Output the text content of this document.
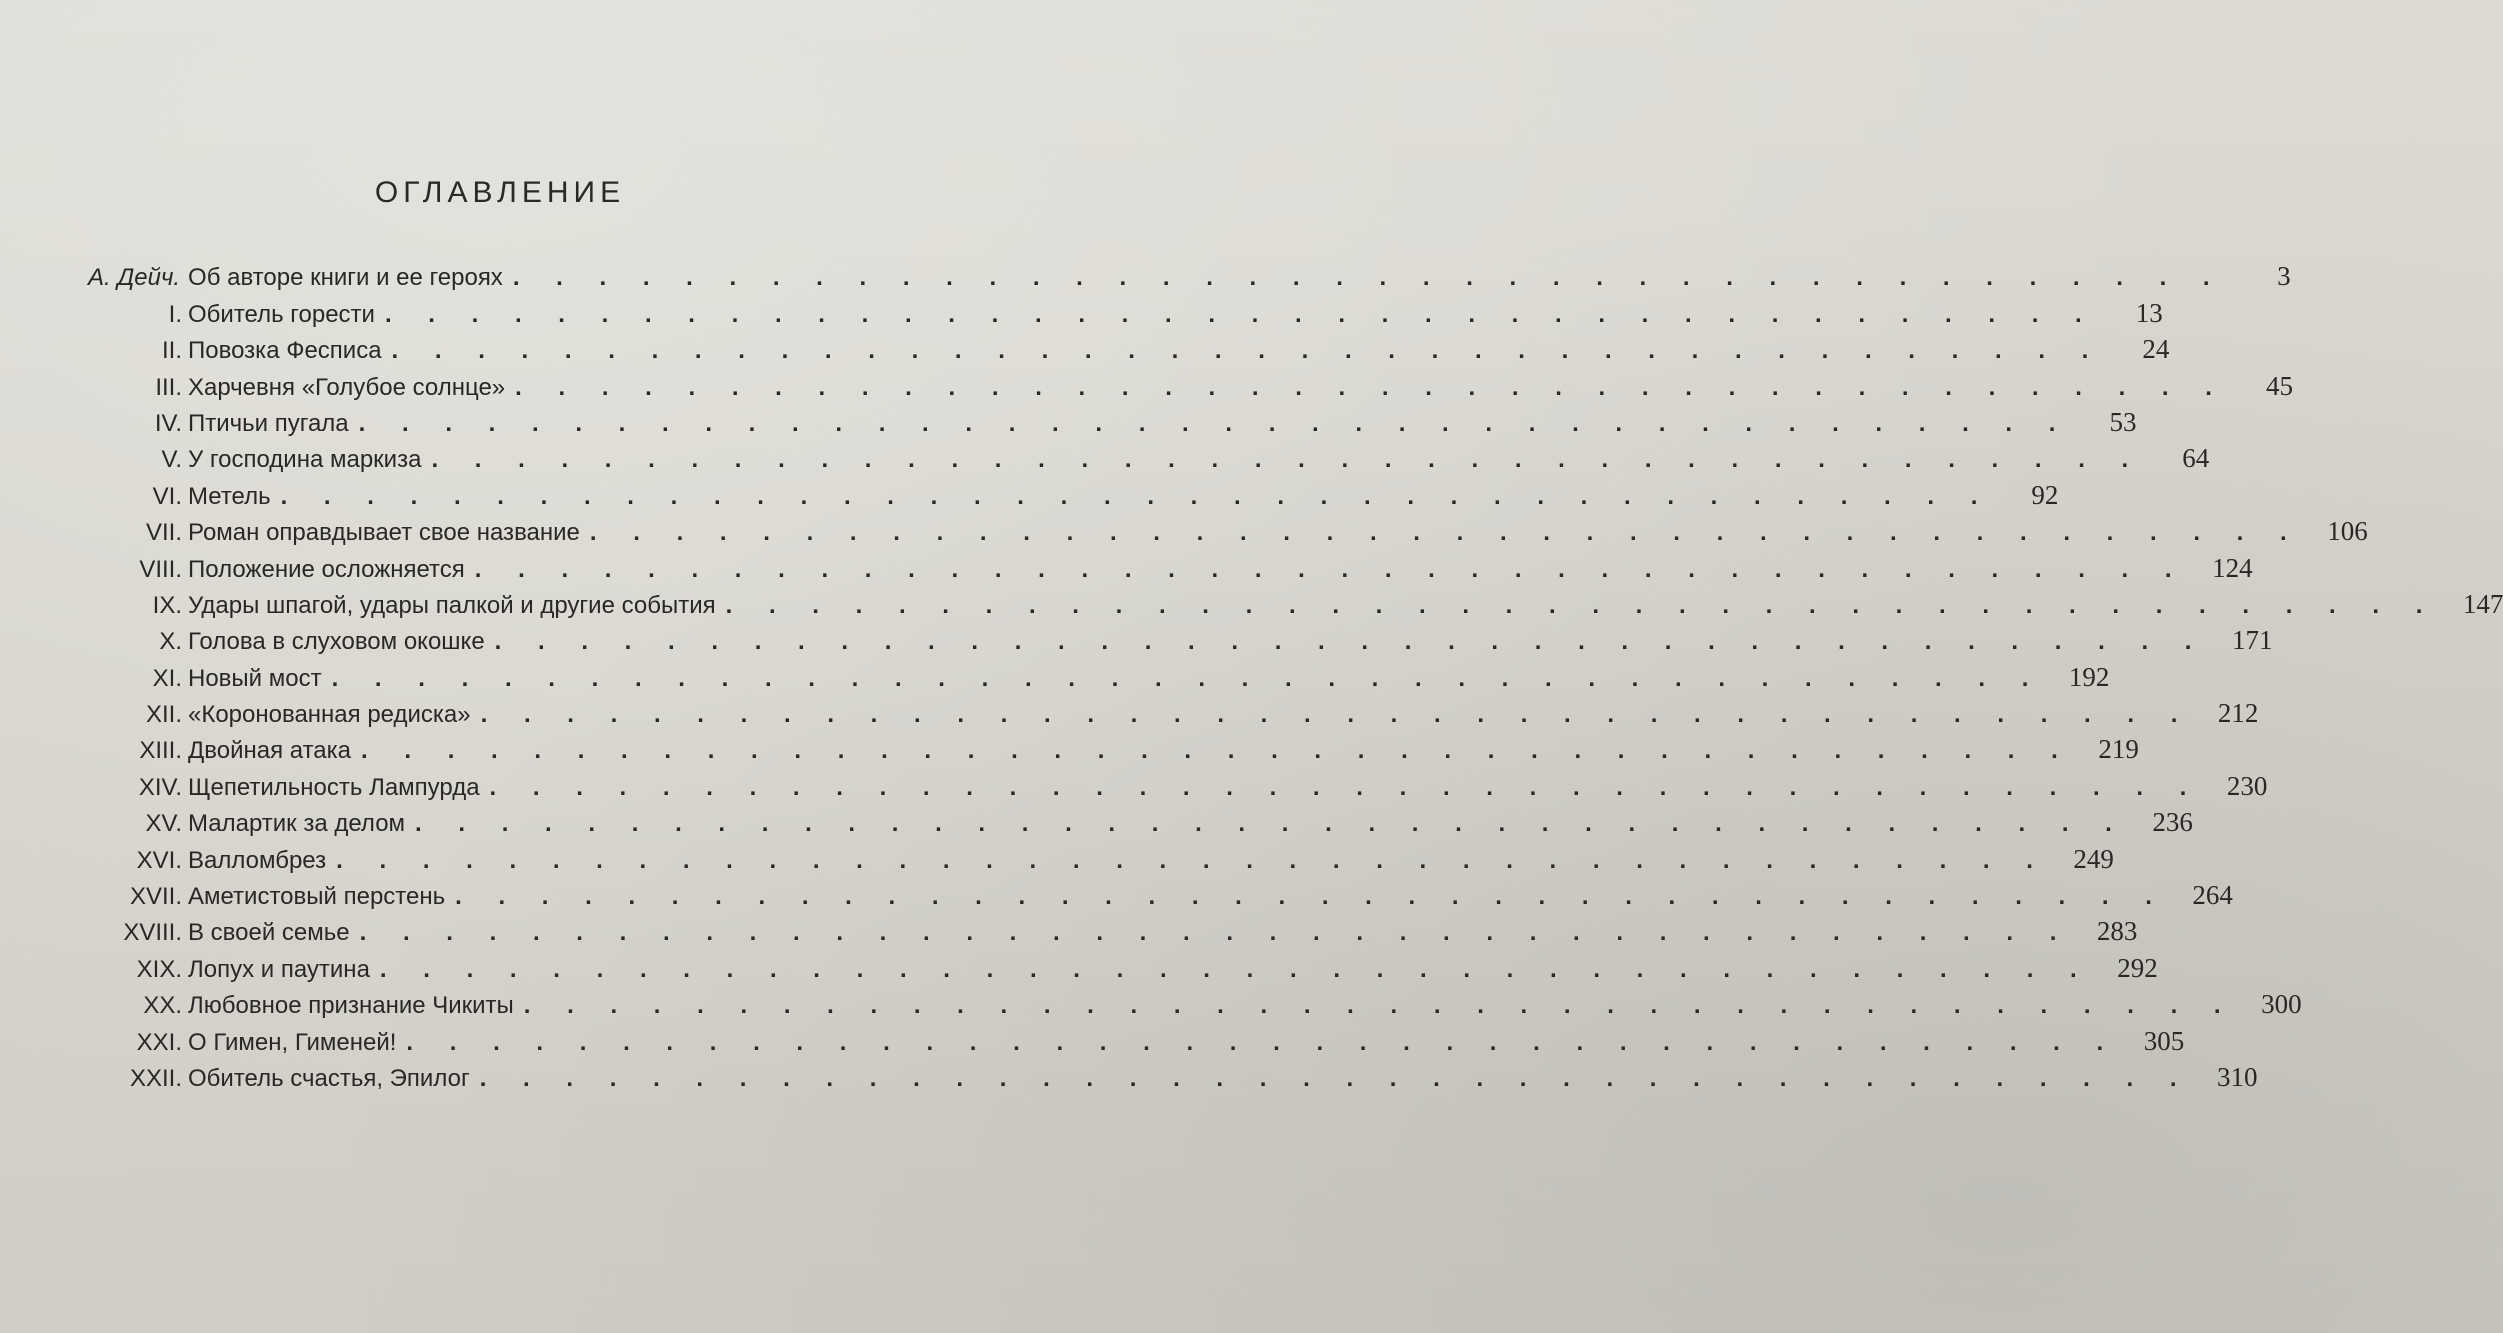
ОГЛАВЛЕНИЕ
А. Дейч. Об авторе книги и ее героях . . . . . . . . . . . . . . . . . . . . . . . . . . . . . . . . . . . . . . . .	3
I. Обитель горести . . . . . . . . . . . . . . . . . . . . . . . . . . . . . . . . . . . . . . . .	13
II. Повозка Фесписа . . . . . . . . . . . . . . . . . . . . . . . . . . . . . . . . . . . . . . . .	24
III. Харчевня «Голубое солнце» . . . . . . . . . . . . . . . . . . . . . . . . . . . . . . . . . . . . . . . .	45
IV. Птичьи пугала . . . . . . . . . . . . . . . . . . . . . . . . . . . . . . . . . . . . . . . .	53
V. У господина маркиза . . . . . . . . . . . . . . . . . . . . . . . . . . . . . . . . . . . . . . . .	64
VI. Метель . . . . . . . . . . . . . . . . . . . . . . . . . . . . . . . . . . . . . . . .	92
VII. Роман оправдывает свое название . . . . . . . . . . . . . . . . . . . . . . . . . . . . . . . . . . . . . . . . 106
VIII. Положение осложняется . . . . . . . . . . . . . . . . . . . . . . . . . . . . . . . . . . . . . . . . 124
IX. Удары шпагой, удары палкой и другие события . . . . . . . . . . . . . . . . . . . . . . . . . . . . . . . . . . . . . . . . 147
X. Голова в слуховом окошке . . . . . . . . . . . . . . . . . . . . . . . . . . . . . . . . . . . . . . . . 171
XI. Новый мост . . . . . . . . . . . . . . . . . . . . . . . . . . . . . . . . . . . . . . . . 192
XII. «Коронованная редиска» . . . . . . . . . . . . . . . . . . . . . . . . . . . . . . . . . . . . . . . . 212
XIII. Двойная атака . . . . . . . . . . . . . . . . . . . . . . . . . . . . . . . . . . . . . . . . 219
XIV. Щепетильность Лампурда . . . . . . . . . . . . . . . . . . . . . . . . . . . . . . . . . . . . . . . . 230
XV. Малартик за делом . . . . . . . . . . . . . . . . . . . . . . . . . . . . . . . . . . . . . . . . 236
XVI. Валломбрез . . . . . . . . . . . . . . . . . . . . . . . . . . . . . . . . . . . . . . . . 249
XVII. Аметистовый перстень . . . . . . . . . . . . . . . . . . . . . . . . . . . . . . . . . . . . . . . . 264
XVIII. В своей семье . . . . . . . . . . . . . . . . . . . . . . . . . . . . . . . . . . . . . . . . 283
XIX. Лопух и паутина . . . . . . . . . . . . . . . . . . . . . . . . . . . . . . . . . . . . . . . . 292
XX. Любовное признание Чикиты . . . . . . . . . . . . . . . . . . . . . . . . . . . . . . . . . . . . . . . . 300
XXI. О Гимен, Гименей! . . . . . . . . . . . . . . . . . . . . . . . . . . . . . . . . . . . . . . . . 305
XXII. Обитель счастья, Эпилог . . . . . . . . . . . . . . . . . . . . . . . . . . . . . . . . . . . . . . . . 310
